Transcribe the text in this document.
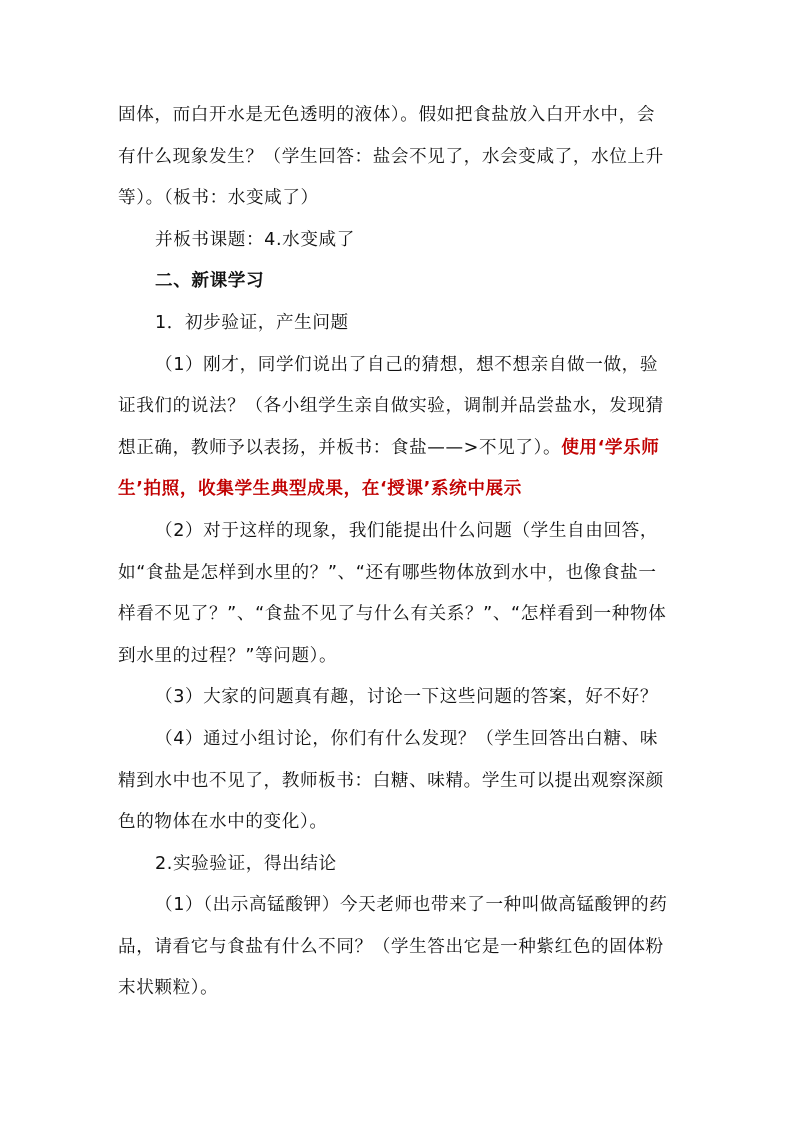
固体，而白开水是无色透明的液体）。假如把食盐放入白开水中，会
有什么现象发生？（学生回答：盐会不见了，水会变咸了，水位上升
等）。（板书：水变咸了）
并板书课题：4.水变咸了
二、新课学习
1．初步验证，产生问题
（1）刚才，同学们说出了自己的猜想，想不想亲自做一做，验
证我们的说法？（各小组学生亲自做实验，调制并品尝盐水，发现猜
想正确，教师予以表扬，并板书：食盐——>不见了）。使用‘学乐师
生’拍照，收集学生典型成果，在‘授课’系统中展示
（2）对于这样的现象，我们能提出什么问题（学生自由回答，
如“食盐是怎样到水里的？”、“还有哪些物体放到水中，也像食盐一
样看不见了？”、“食盐不见了与什么有关系？”、“怎样看到一种物体
到水里的过程？”等问题）。
（3）大家的问题真有趣，讨论一下这些问题的答案，好不好？
（4）通过小组讨论，你们有什么发现？（学生回答出白糖、味
精到水中也不见了，教师板书：白糖、味精。学生可以提出观察深颜
色的物体在水中的变化）。
2.实验验证，得出结论
（1）（出示高锰酸钾）今天老师也带来了一种叫做高锰酸钾的药
品，请看它与食盐有什么不同？（学生答出它是一种紫红色的固体粉
末状颗粒）。
